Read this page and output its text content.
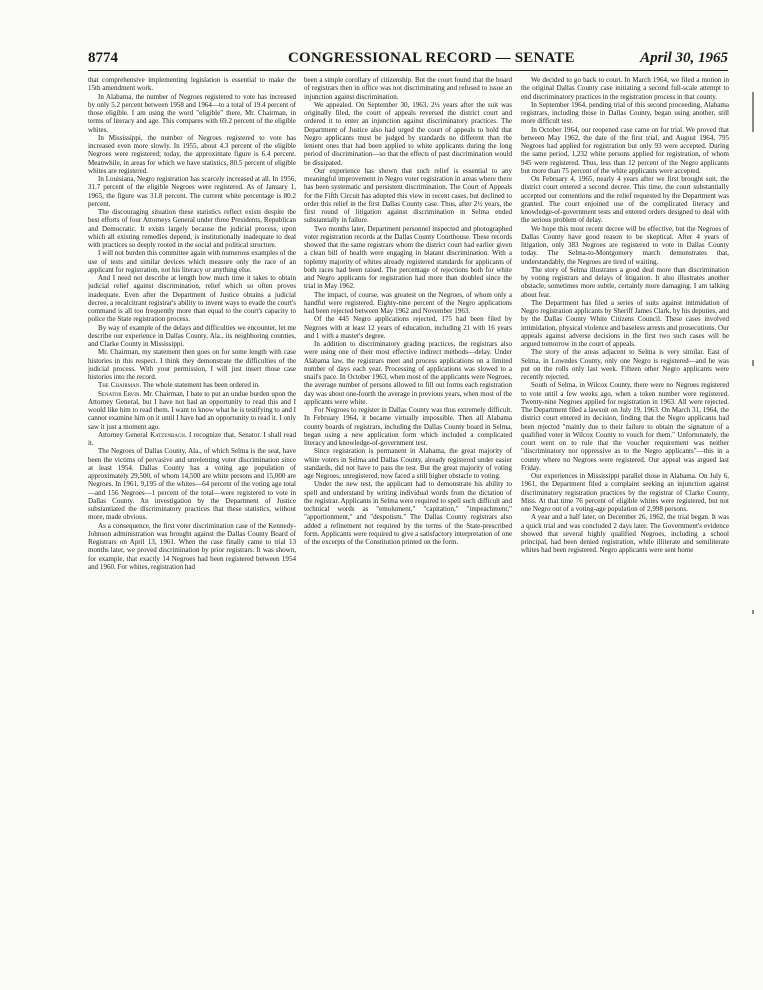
8774	CONGRESSIONAL RECORD — SENATE	April 30, 1965

that comprehensive implementing legislation is essential to make the 15th amendment work.

In Alabama, the number of Negroes registered to vote has increased by only 5.2 percent between 1958 and 1964—to a total of 19.4 percent of those eligible. I am using the word "eligible" there, Mr. Chairman, in terms of literacy and age. This compares with 69.2 percent of the eligible whites.

In Mississippi, the number of Negroes registered to vote has increased even more slowly. In 1955, about 4.3 percent of the eligible Negroes were registered; today, the approximate figure is 6.4 percent. Meanwhile, in areas for which we have statistics, 80.5 percent of eligible whites are registered.

In Louisiana, Negro registration has scarcely increased at all. In 1956, 31.7 percent of the eligible Negroes were registered. As of January 1, 1965, the figure was 31.8 percent. The current white percentage is 80.2 percent.

The discouraging situation these statistics reflect exists despite the best efforts of four Attorneys General under three Presidents, Republican and Democratic. It exists largely because the judicial process, upon which all existing remedies depend, is institutionally inadequate to deal with practices so deeply rooted in the social and political structure.

I will not burden this committee again with numerous examples of the use of tests and similar devices which measure only the race of an applicant for registration, not his literacy or anything else.

And I need not describe at length how much time it takes to obtain judicial relief against discrimination, relief which so often proves inadequate. Even after the Department of Justice obtains a judicial decree, a recalcitrant registrar's ability to invent ways to evade the court's command is all too frequently more than equal to the court's capacity to police the State registration process.

By way of example of the delays and difficulties we encounter, let me describe our experience in Dallas County, Ala., its neighboring counties, and Clarke County in Mississippi.

Mr. Chairman, my statement then goes on for some length with case histories in this respect. I think they demonstrate the difficulties of the judicial process. With your permission, I will just insert those case histories into the record.

The Chairman. The whole statement has been ordered in.

Senator Ervin. Mr. Chairman, I hate to put an undue burden upon the Attorney General, but I have not had an opportunity to read this and I would like him to read them. I want to know what he is testifying to and I cannot examine him on it until I have had an opportunity to read it. I only saw it just a moment ago.

Attorney General Katzenbach. I recognize that, Senator. I shall read it.

The Negroes of Dallas County, Ala., of which Selma is the seat, have been the victims of pervasive and unrelenting voter discrimination since at least 1954. Dallas County has a voting age population of approximately 29,500, of whom 14,500 are white persons and 15,000 are Negroes. In 1961, 9,195 of the whites—64 percent of the voting age total—and 156 Negroes—1 percent of the total—were registered to vote in Dallas County. An investigation by the Department of Justice substantiated the discriminatory practices that these statistics, without more, made obvious.

As a consequence, the first voter discrimination case of the Kennedy-Johnson administration was brought against the Dallas County Board of Registrars on April 13, 1961. When the case finally came to trial 13 months later, we proved discrimination by prior registrars. It was shown, for example, that exactly 14 Negroes had been registered between 1954 and 1960. For whites, registration had

been a simple corollary of citizenship. But the court found that the board of registrars then in office was not discriminating and refused to issue an injunction against discrimination.

We appealed. On September 30, 1963, 2½ years after the suit was originally filed, the court of appeals reversed the district court and ordered it to enter an injunction against discriminatory practices. The Department of Justice also had urged the court of appeals to hold that Negro applicants must be judged by standards no different than the lenient ones that had been applied to white applicants during the long period of discrimination—so that the effects of past discrimination would be dissipated.

Our experience has shown that such relief is essential to any meaningful improvement in Negro voter registration in areas where there has been systematic and persistent discrimination. The Court of Appeals for the Fifth Circuit has adopted this view in recent cases, but declined to order this relief in the first Dallas County case. Thus, after 2½ years, the first round of litigation against discrimination in Selma ended substantially in failure.

Two months later, Department personnel inspected and photographed voter registration records at the Dallas County Courthouse. These records showed that the same registrars whom the district court had earlier given a clean bill of health were engaging in blatant discrimination. With a toplenty majority of whites already registered standards for applicants of both races had been raised. The percentage of rejections both for white and Negro applicants for registration had more than doubled since the trial in May 1962.

The impact, of course, was greatest on the Negroes, of whom only a handful were registered. Eighty-nine percent of the Negro applications had been rejected between May 1962 and November 1963.

Of the 445 Negro applications rejected, 175 had been filed by Negroes with at least 12 years of education, including 21 with 16 years and 1 with a master's degree.

In addition to discriminatory grading practices, the registrars also were using one of their most effective indirect methods—delay. Under Alabama law, the registrars meet and process applications on a limited number of days each year. Processing of applications was slowed to a snail's pace. In October 1963, when most of the applicants were Negroes, the average number of persons allowed to fill out forms each registration day was about one-fourth the average in previous years, when most of the applicants were white.

For Negroes to register in Dallas County was thus extremely difficult. In February 1964, it became virtually impossible. Then all Alabama county boards of registrars, including the Dallas County board in Selma, began using a new application form which included a complicated literacy and knowledge-of-government test.

Since registration is permanent in Alabama, the great majority of white voters in Selma and Dallas County, already registered under easier standards, did not have to pass the test. But the great majority of voting age Negroes, unregistered, now faced a still higher obstacle to voting.

Under the new test, the applicant had to demonstrate his ability to spell and understand by writing individual words from the dictation of the registrar. Applicants in Selma were required to spell such difficult and technical words as "emolument," "capitation," "impeachment," "apportionment," and "despotism." The Dallas County registrars also added a refinement not required by the terms of the State-prescribed form. Applicants were required to give a satisfactory interpretation of one of the excerpts of the Constitution printed on the form.

We decided to go back to court. In March 1964, we filed a motion in the original Dallas County case initiating a second full-scale attempt to end discriminatory practices in the registration process in that county.

In September 1964, pending trial of this second proceeding, Alabama registrars, including those in Dallas County, began using another, still more difficult test.

In October 1964, our reopened case came on for trial. We proved that between May 1962, the date of the first trial, and August 1964, 795 Negroes had applied for registration but only 93 were accepted. During the same period, 1,232 white persons applied for registration, of whom 945 were registered. Thus, less than 12 percent of the Negro applicants but more than 75 percent of the white applicants were accepted.

On February 4, 1965, nearly 4 years after we first brought suit, the district court entered a second decree. This time, the court substantially accepted our contentions and the relief requested by the Department was granted. The court enjoined use of the complicated literacy and knowledge-of-government tests and entered orders designed to deal with the serious problem of delay.

We hope this most recent decree will be effective, but the Negroes of Dallas County have good reason to be skeptical. After 4 years of litigation, only 383 Negroes are registered to vote in Dallas County today. The Selma-to-Montgomery march demonstrates that, understandably, the Negroes are tired of waiting.

The story of Selma illustrates a good deal more than discrimination by voting registrars and delays of litigation. It also illustrates another obstacle, sometimes more subtle, certainly more damaging. I am talking about fear.

The Department has filed a series of suits against intimidation of Negro registration applicants by Sheriff James Clark, by his deputies, and by the Dallas County White Citizens Council. These cases involved intimidation, physical violence and baseless arrests and prosecutions. Our appeals against adverse decisions in the first two such cases will be argued tomorrow in the court of appeals.

The story of the areas adjacent to Selma is very similar. East of Selma, in Lowndes County, only one Negro is registered—and he was put on the rolls only last week. Fifteen other Negro applicants were recently rejected.

South of Selma, in Wilcox County, there were no Negroes registered to vote until a few weeks ago, when a token number were registered. Twenty-nine Negroes applied for registration in 1963. All were rejected. The Department filed a lawsuit on July 19, 1963. On March 31, 1964, the district court entered its decision, finding that the Negro applicants had been rejected "mainly due to their failure to obtain the signature of a qualified voter in Wilcox County to vouch for them." Unfortunately, the court went on to rule that the voucher requirement was neither "discriminatory nor oppressive as to the Negro applicants"—this in a county where no Negroes were registered. Our appeal was argued last Friday.

Our experiences in Mississippi parallel those in Alabama. On July 6, 1961, the Department filed a complaint seeking an injunction against discriminatory registration practices by the registrar of Clarke County, Miss. At that time 76 percent of eligible whites were registered, but not one Negro out of a voting-age population of 2,998 persons.

A year and a half later, on December 26, 1962, the trial began. It was a quick trial and was concluded 2 days later. The Government's evidence showed that several highly qualified Negroes, including a school principal, had been denied registration, while illiterate and semiliterate whites had been registered. Negro applicants were sent home
